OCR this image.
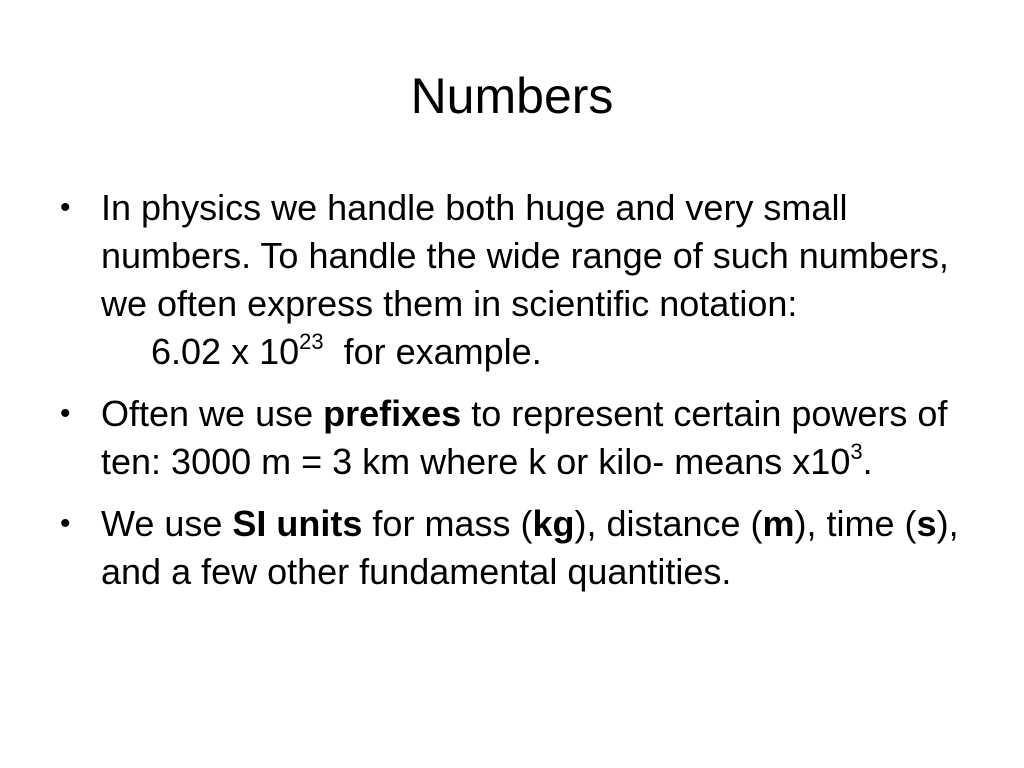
Numbers
• In physics we handle both huge and very small numbers. To handle the wide range of such numbers, we often express them in scientific notation:     6.02 x $10^{23}$  for example.
• Often we use prefixes to represent certain powers of ten: 3000 m = 3 km where k or kilo- means $x10^3$.
• We use SI units for mass (kg), distance (m), time (s), and a few other fundamental quantities.
